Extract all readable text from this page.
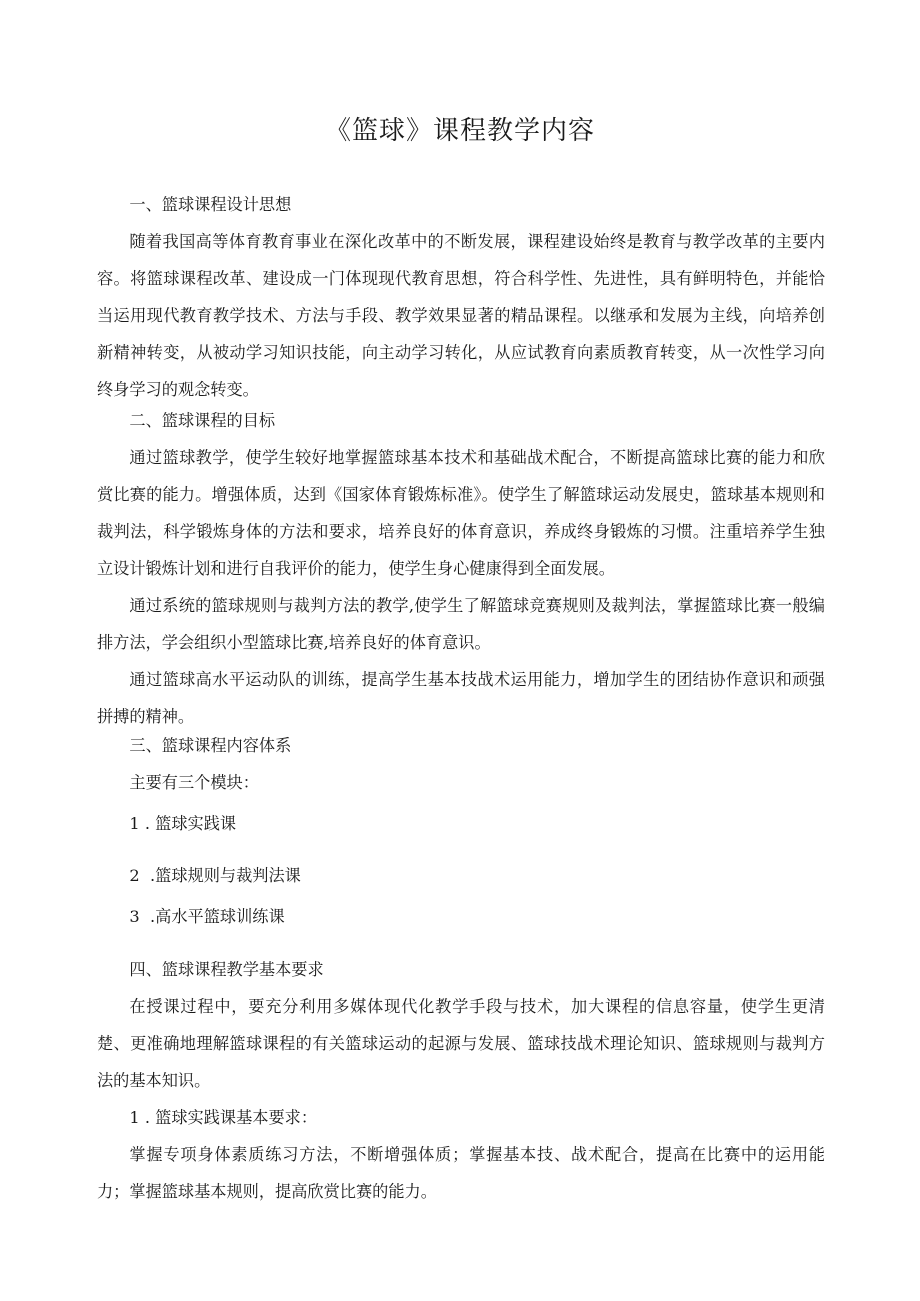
《篮球》课程教学内容

一、篮球课程设计思想

随着我国高等体育教育事业在深化改革中的不断发展，课程建设始终是教育与教学改革的主要内容。将篮球课程改革、建设成一门体现现代教育思想，符合科学性、先进性，具有鲜明特色，并能恰当运用现代教育教学技术、方法与手段、教学效果显著的精品课程。以继承和发展为主线，向培养创新精神转变，从被动学习知识技能，向主动学习转化，从应试教育向素质教育转变，从一次性学习向终身学习的观念转变。

二、篮球课程的目标

通过篮球教学，使学生较好地掌握篮球基本技术和基础战术配合，不断提高篮球比赛的能力和欣赏比赛的能力。增强体质，达到《国家体育锻炼标准》。使学生了解篮球运动发展史，篮球基本规则和裁判法，科学锻炼身体的方法和要求，培养良好的体育意识，养成终身锻炼的习惯。注重培养学生独立设计锻炼计划和进行自我评价的能力，使学生身心健康得到全面发展。

通过系统的篮球规则与裁判方法的教学,使学生了解篮球竞赛规则及裁判法，掌握篮球比赛一般编排方法，学会组织小型篮球比赛,培养良好的体育意识。

通过篮球高水平运动队的训练，提高学生基本技战术运用能力，增加学生的团结协作意识和顽强拼搏的精神。

三、篮球课程内容体系

主要有三个模块：

1 . 篮球实践课

2  .篮球规则与裁判法课

3  .高水平篮球训练课

四、篮球课程教学基本要求

在授课过程中，要充分利用多媒体现代化教学手段与技术，加大课程的信息容量，使学生更清楚、更准确地理解篮球课程的有关篮球运动的起源与发展、篮球技战术理论知识、篮球规则与裁判方法的基本知识。

1 . 篮球实践课基本要求：

掌握专项身体素质练习方法，不断增强体质；掌握基本技、战术配合，提高在比赛中的运用能力；掌握篮球基本规则，提高欣赏比赛的能力。
